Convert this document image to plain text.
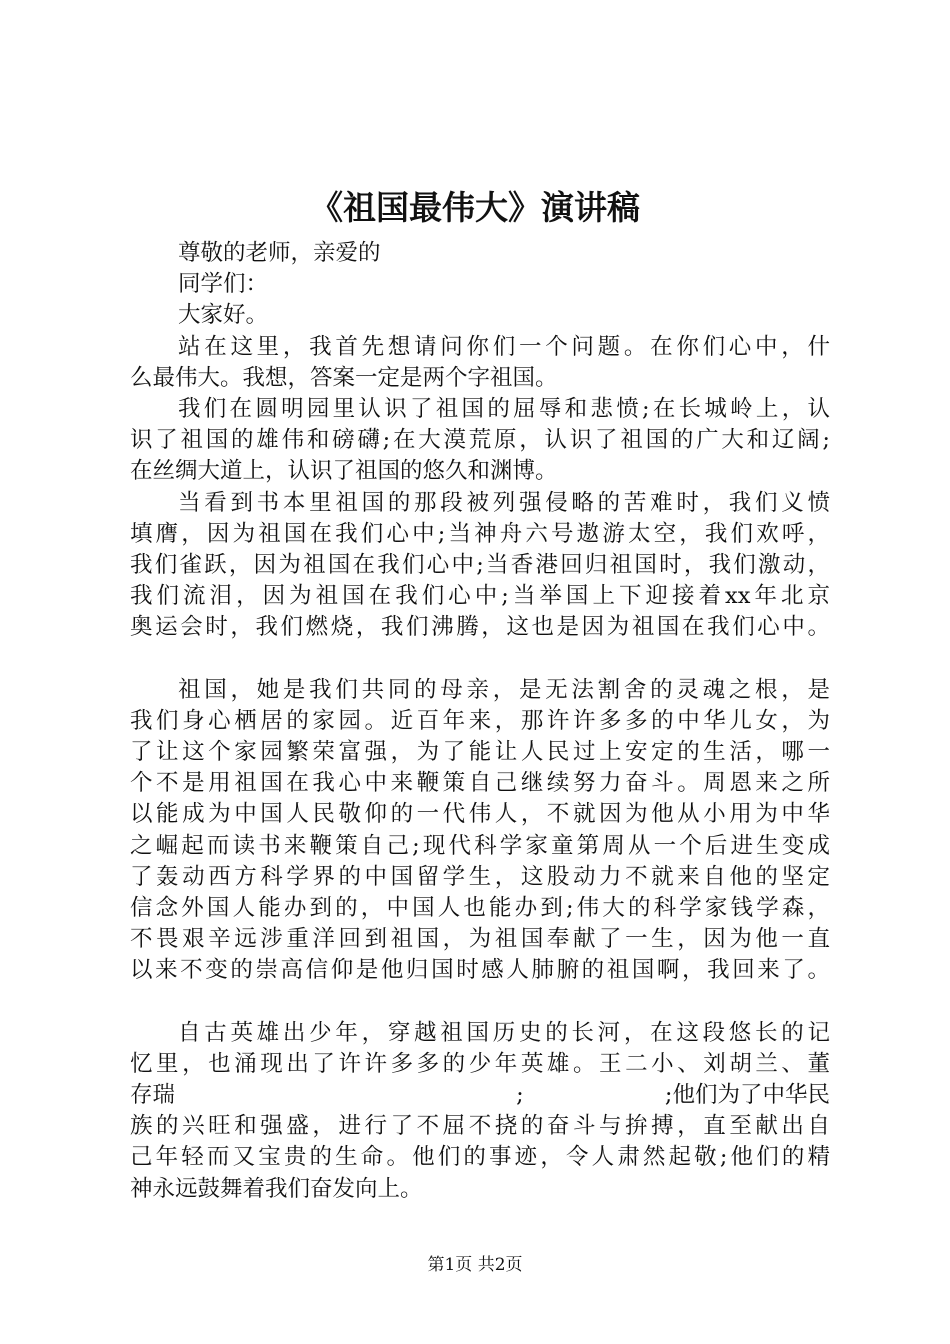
《祖国最伟大》演讲稿
尊敬的老师，亲爱的
同学们：
大家好。
站在这里，我首先想请问你们一个问题。在你们心中，什
么最伟大。我想，答案一定是两个字祖国。
我们在圆明园里认识了祖国的屈辱和悲愤;在长城岭上，认
识了祖国的雄伟和磅礴;在大漠荒原，认识了祖国的广大和辽阔;
在丝绸大道上，认识了祖国的悠久和渊博。
当看到书本里祖国的那段被列强侵略的苦难时，我们义愤
填膺，因为祖国在我们心中;当神舟六号遨游太空，我们欢呼，
我们雀跃，因为祖国在我们心中;当香港回归祖国时，我们激动，
我们流泪，因为祖国在我们心中;当举国上下迎接着xx年北京
奥运会时，我们燃烧，我们沸腾，这也是因为祖国在我们心中。
祖国，她是我们共同的母亲，是无法割舍的灵魂之根，是
我们身心栖居的家园。近百年来，那许许多多的中华儿女，为
了让这个家园繁荣富强，为了能让人民过上安定的生活，哪一
个不是用祖国在我心中来鞭策自己继续努力奋斗。周恩来之所
以能成为中国人民敬仰的一代伟人，不就因为他从小用为中华
之崛起而读书来鞭策自己;现代科学家童第周从一个后进生变成
了轰动西方科学界的中国留学生，这股动力不就来自他的坚定
信念外国人能办到的，中国人也能办到;伟大的科学家钱学森，
不畏艰辛远涉重洋回到祖国，为祖国奉献了一生，因为他一直
以来不变的崇高信仰是他归国时感人肺腑的祖国啊，我回来了。
自古英雄出少年，穿越祖国历史的长河，在这段悠长的记
忆里，也涌现出了许许多多的少年英雄。王二小、刘胡兰、董
存瑞	;	;他们为了中华民
族的兴旺和强盛，进行了不屈不挠的奋斗与拚搏，直至献出自
己年轻而又宝贵的生命。他们的事迹，令人肃然起敬;他们的精
神永远鼓舞着我们奋发向上。
第1页 共2页
